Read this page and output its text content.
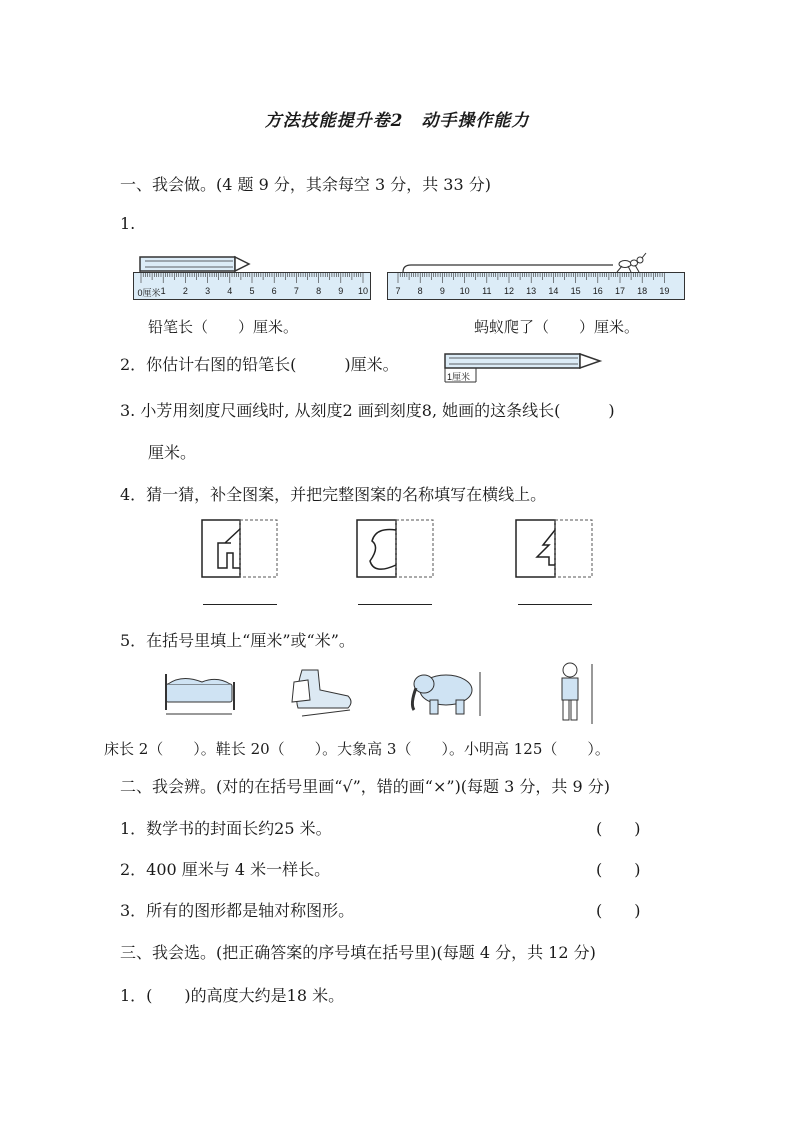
方法技能提升卷2　动手操作能力
一、我会做。(4 题 9 分，其余每空 3 分，共 33 分)
1.
0厘米 1 2 3 4 5 6 7 8 9 10	7 8 9 10 11 12 13 14 15 16 17 18 19
铅笔长（　　）厘米。	蚂蚁爬了（　　）厘米。
2．你估计右图的铅笔长(　　　)厘米。
1厘米
3. 小芳用刻度尺画线时, 从刻度2 画到刻度8, 她画的这条线长(　　　)
厘米。
4．猜一猜，补全图案，并把完整图案的名称填写在横线上。
5．在括号里填上“厘米”或“米”。
床长 2（　　）。鞋长 20（　　）。大象高 3（　　）。小明高 125（　　）。
二、我会辨。(对的在括号里画“√”，错的画“×”)(每题 3 分，共 9 分)
1．数学书的封面长约25 米。	(　　)
2．400 厘米与 4 米一样长。	(　　)
3．所有的图形都是轴对称图形。	(　　)
三、我会选。(把正确答案的序号填在括号里)(每题 4 分，共 12 分)
1．(　　)的高度大约是18 米。
